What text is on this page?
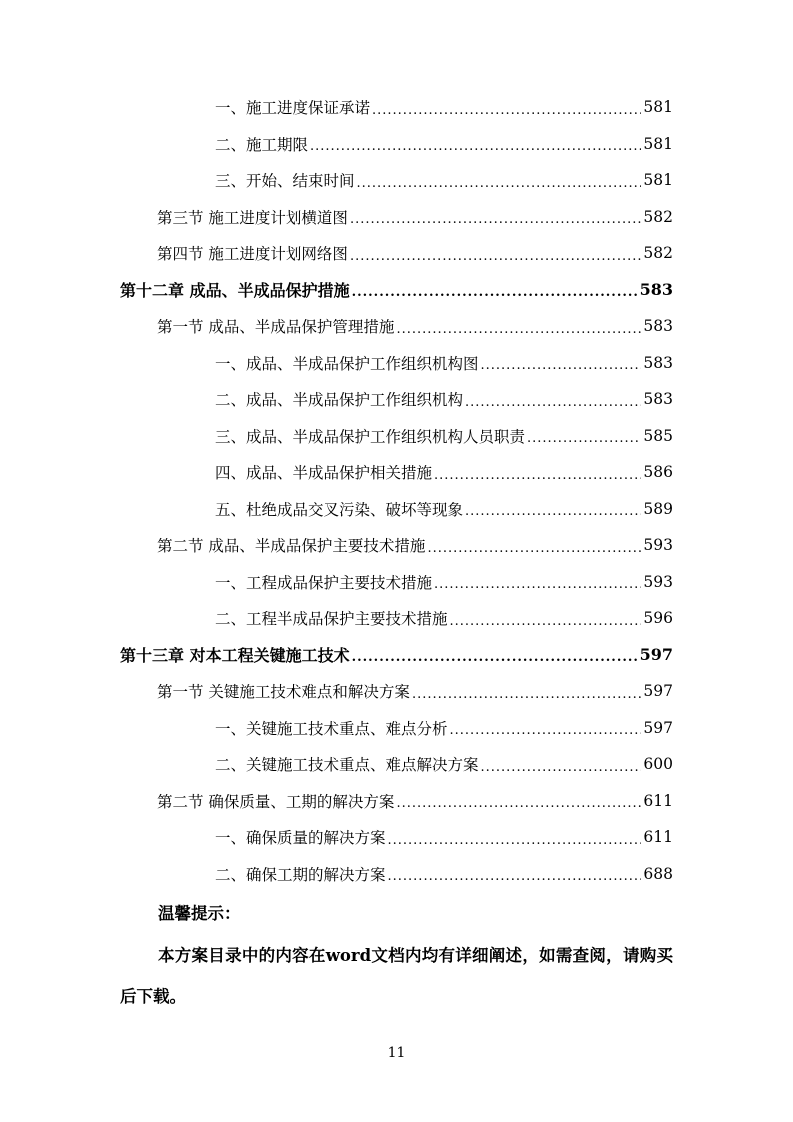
一、施工进度保证承诺 .....	581
二、施工期限 .....	581
三、开始、结束时间 .....	581
第三节 施工进度计划横道图 .....	582
第四节 施工进度计划网络图 .....	582
第十二章 成品、半成品保护措施 .....	583
第一节 成品、半成品保护管理措施 .....	583
一、成品、半成品保护工作组织机构图 .....	583
二、成品、半成品保护工作组织机构 .....	583
三、成品、半成品保护工作组织机构人员职责 .....	585
四、成品、半成品保护相关措施 .....	586
五、杜绝成品交叉污染、破坏等现象 .....	589
第二节 成品、半成品保护主要技术措施 .....	593
一、工程成品保护主要技术措施 .....	593
二、工程半成品保护主要技术措施 .....	596
第十三章 对本工程关键施工技术 .....	597
第一节 关键施工技术难点和解决方案 .....	597
一、关键施工技术重点、难点分析 .....	597
二、关键施工技术重点、难点解决方案 .....	600
第二节 确保质量、工期的解决方案 .....	611
一、确保质量的解决方案 .....	611
二、确保工期的解决方案 .....	688
温馨提示：
本方案目录中的内容在word文档内均有详细阐述，如需查阅，请购买后下载。
11
